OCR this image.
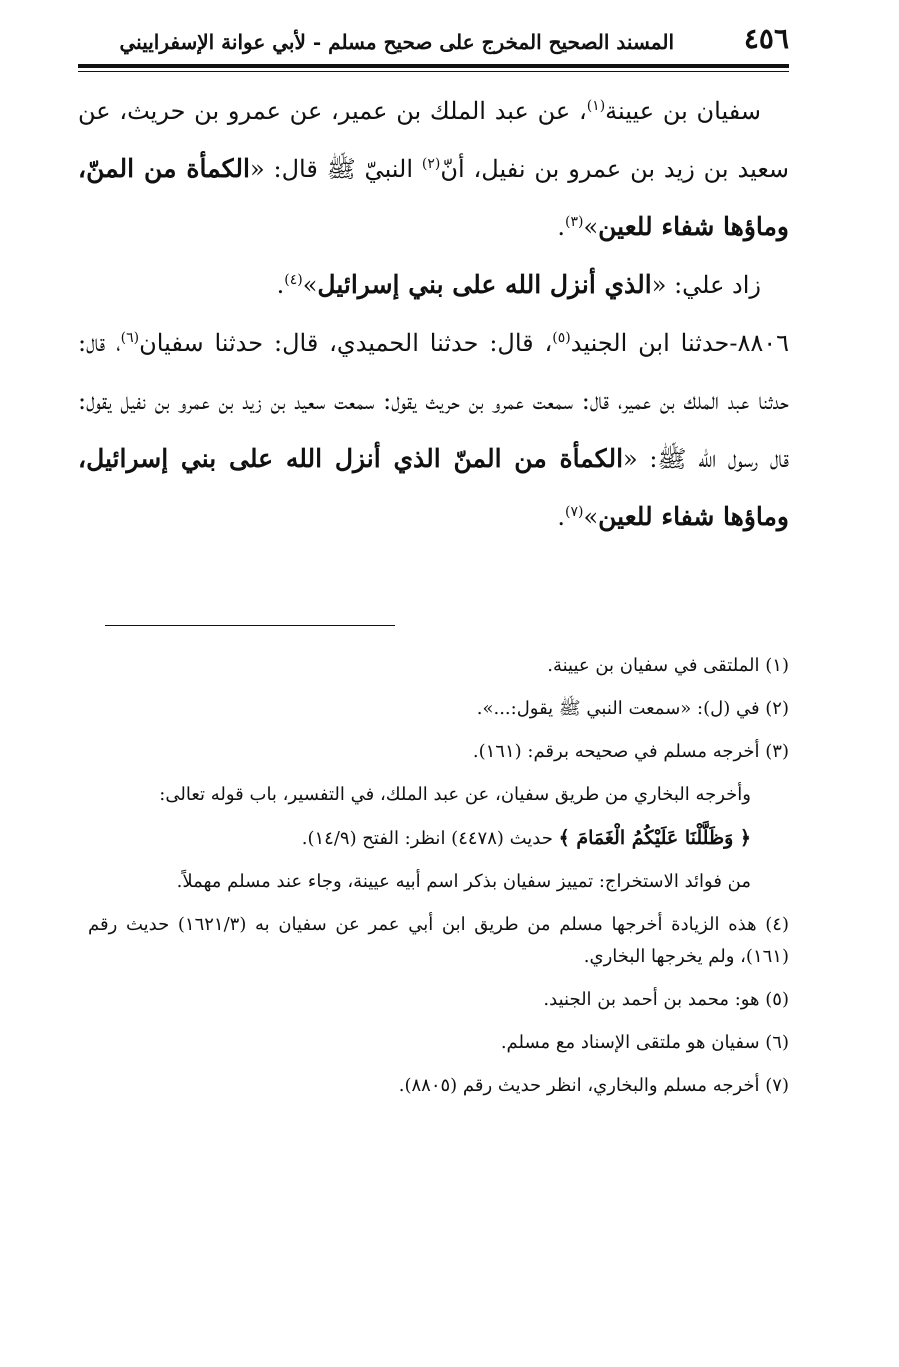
٤٥٦
المسند الصحيح المخرج على صحيح مسلم - لأبي عوانة الإسفراييني

سفيان بن عيينة$^{(١)}$، عن عبد الملك بن عمير، عن عمرو بن حريث، عن سعيد بن زيد بن عمرو بن نفيل، أنّ$^{(٢)}$ النبيّ ﷺ قال: «الكمأة من المنّ، وماؤها شفاء للعين»$^{(٣)}$.

زاد علي: «الذي أنزل الله على بني إسرائيل»$^{(٤)}$.

٨٨٠٦-حدثنا ابن الجنيد$^{(٥)}$، قال: حدثنا الحميدي، قال: حدثنا سفيان$^{(٦)}$، قال: حدثنا عبد الملك بن عمير، قال: سمعت عمرو بن حريث يقول: سمعت سعيد بن زيد بن عمرو بن نفيل يقول: قال رسول الله ﷺ: «الكمأة من المنّ الذي أنزل الله على بني إسرائيل، وماؤها شفاء للعين»$^{(٧)}$.

(١) الملتقى في سفيان بن عيينة.

(٢) في (ل): «سمعت النبي ﷺ يقول:...».

(٣) أخرجه مسلم في صحيحه برقم: (١٦١).

وأخرجه البخاري من طريق سفيان، عن عبد الملك، في التفسير، باب قوله تعالى:

﴿ وَظَلَّلْنَا عَلَيْكُمُ الْغَمَامَ ﴾ حديث (٤٤٧٨) انظر: الفتح (١٤/٩).

من فوائد الاستخراج: تمييز سفيان بذكر اسم أبيه عيينة، وجاء عند مسلم مهملاً.

(٤) هذه الزيادة أخرجها مسلم من طريق ابن أبي عمر عن سفيان به (١٦٢١/٣) حديث رقم (١٦١)، ولم يخرجها البخاري.

(٥) هو: محمد بن أحمد بن الجنيد.

(٦) سفيان هو ملتقى الإسناد مع مسلم.

(٧) أخرجه مسلم والبخاري، انظر حديث رقم (٨٨٠٥).
